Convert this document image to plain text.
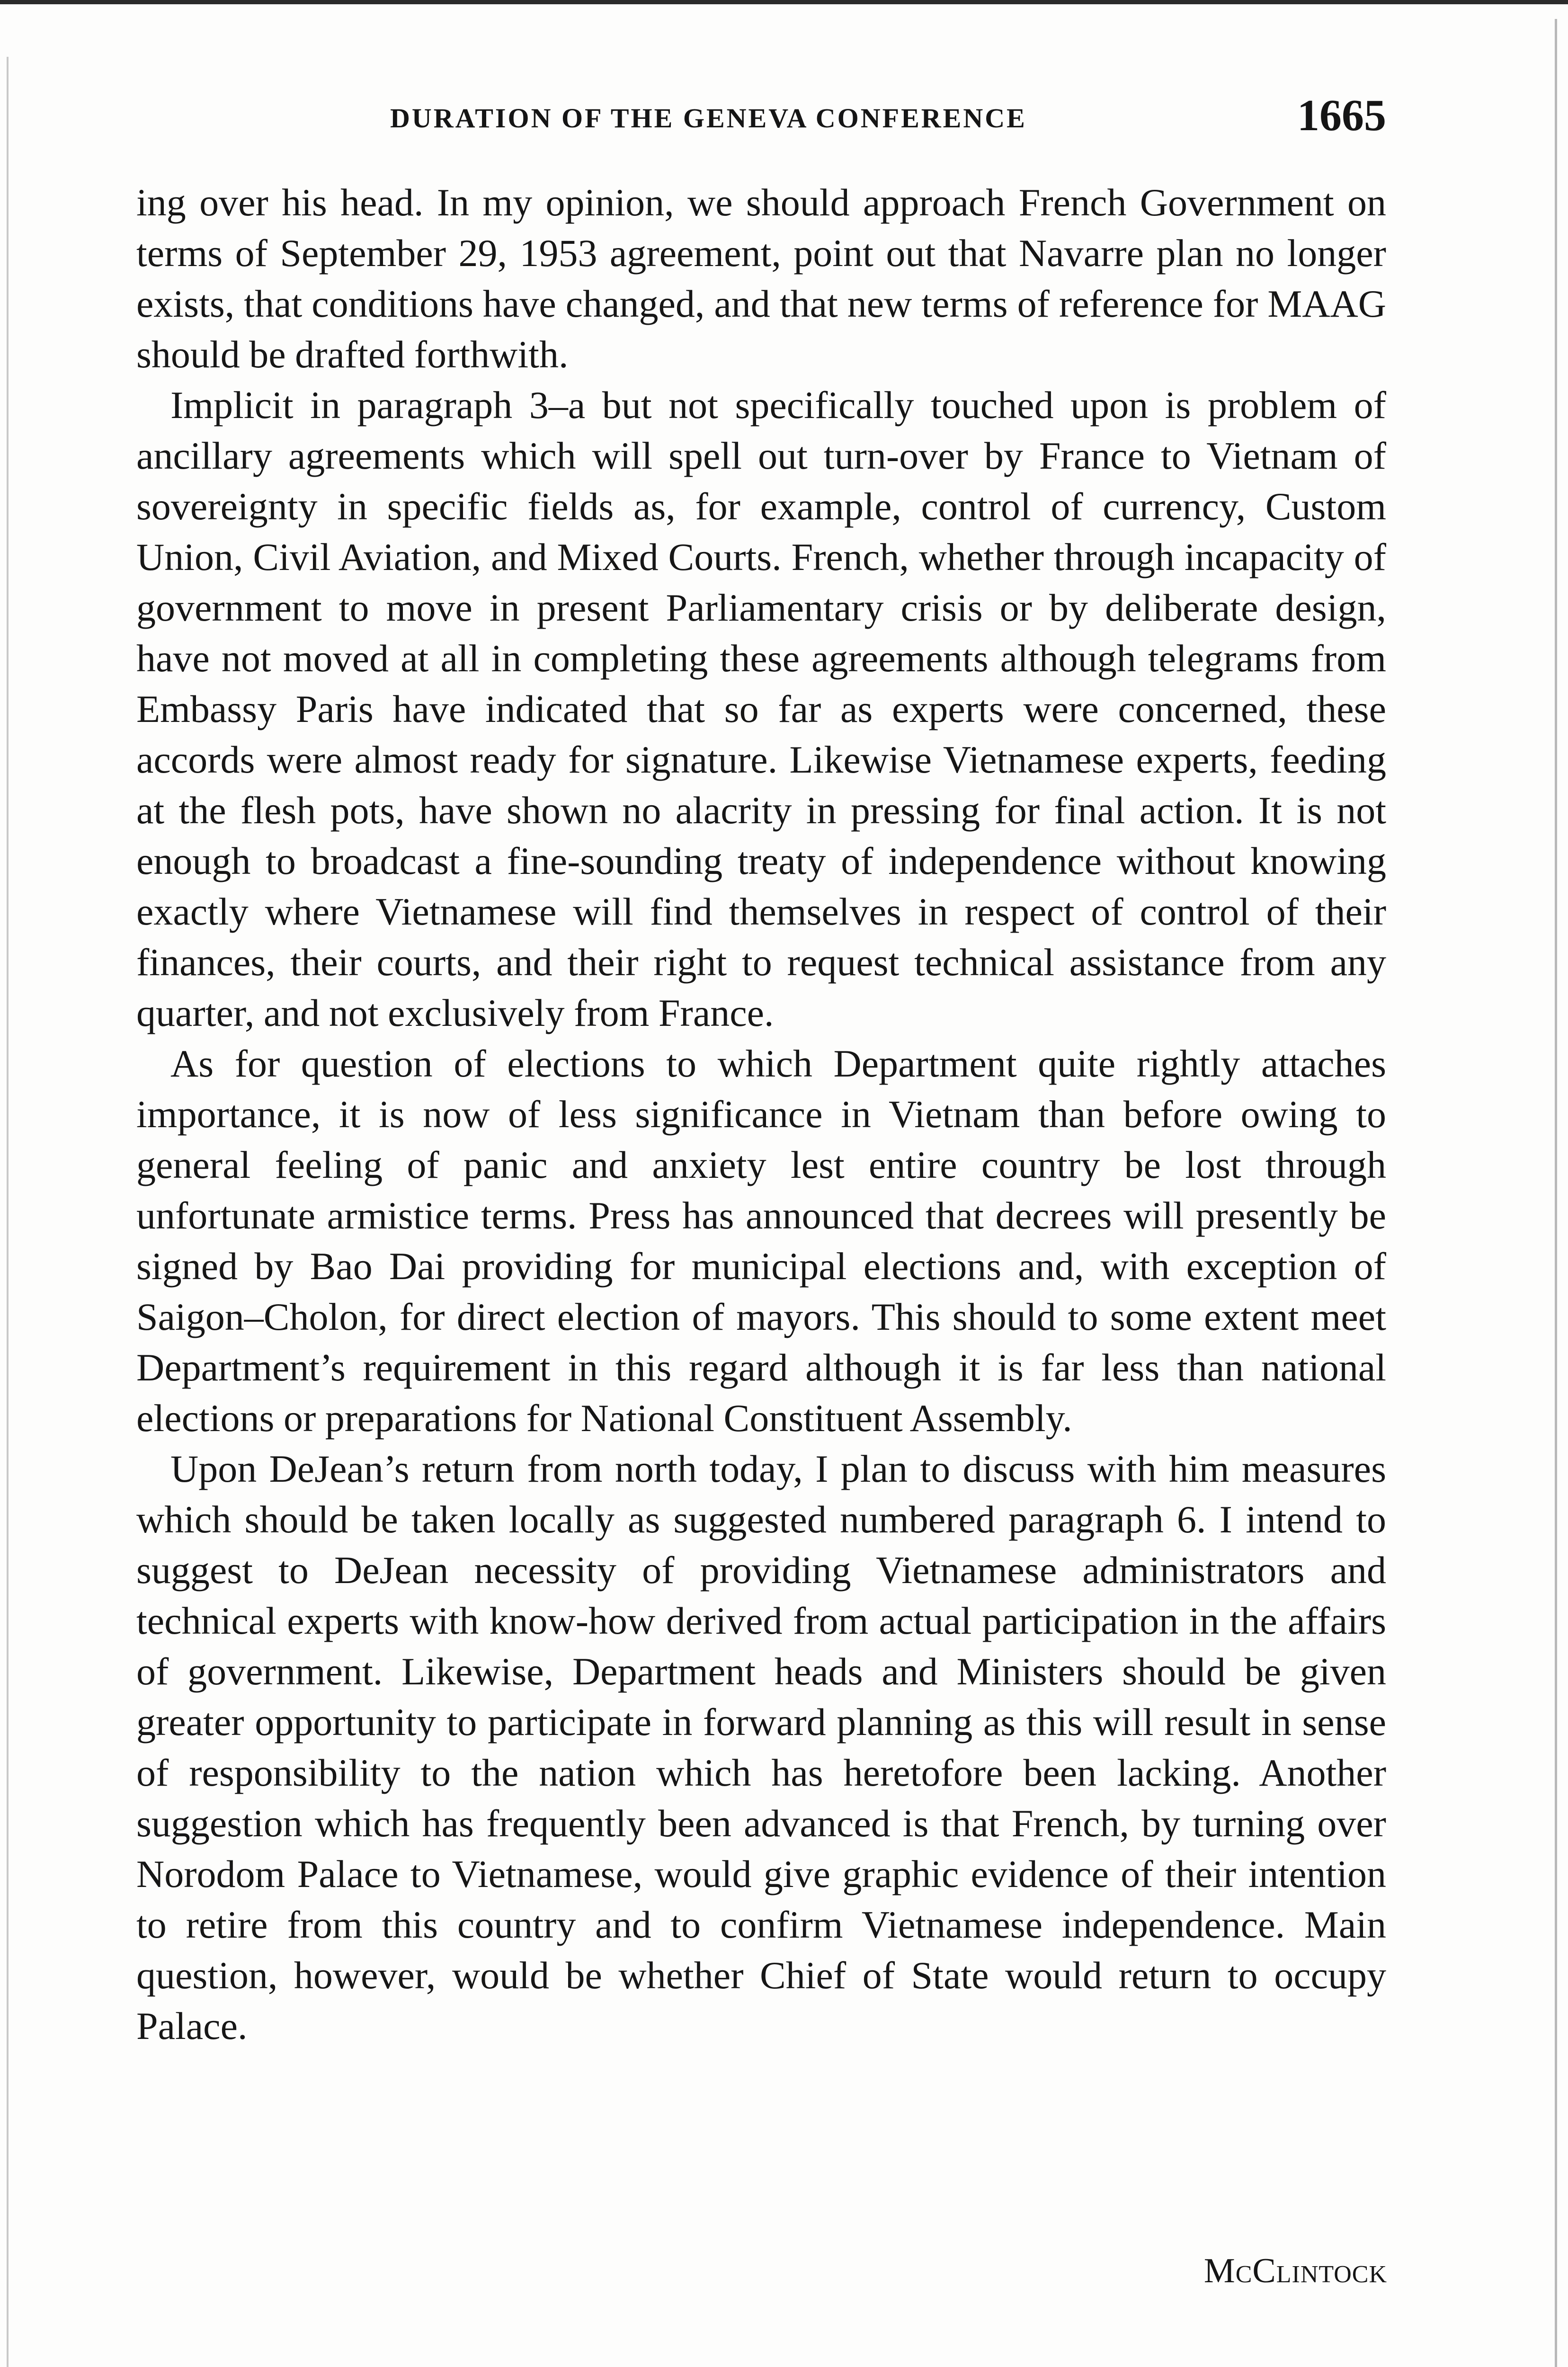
DURATION OF THE GENEVA CONFERENCE	1665

ing over his head. In my opinion, we should approach French Government on terms of September 29, 1953 agreement, point out that Navarre plan no longer exists, that conditions have changed, and that new terms of reference for MAAG should be drafted forthwith.

Implicit in paragraph 3–a but not specifically touched upon is problem of ancillary agreements which will spell out turn-over by France to Vietnam of sovereignty in specific fields as, for example, control of currency, Custom Union, Civil Aviation, and Mixed Courts. French, whether through incapacity of government to move in present Parliamentary crisis or by deliberate design, have not moved at all in completing these agreements although telegrams from Embassy Paris have indicated that so far as experts were concerned, these accords were almost ready for signature. Likewise Vietnamese experts, feeding at the flesh pots, have shown no alacrity in pressing for final action. It is not enough to broadcast a fine-sounding treaty of independence without knowing exactly where Vietnamese will find themselves in respect of control of their finances, their courts, and their right to request technical assistance from any quarter, and not exclusively from France.

As for question of elections to which Department quite rightly attaches importance, it is now of less significance in Vietnam than before owing to general feeling of panic and anxiety lest entire country be lost through unfortunate armistice terms. Press has announced that decrees will presently be signed by Bao Dai providing for municipal elections and, with exception of Saigon–Cholon, for direct election of mayors. This should to some extent meet Department’s requirement in this regard although it is far less than national elections or preparations for National Constituent Assembly.

Upon DeJean’s return from north today, I plan to discuss with him measures which should be taken locally as suggested numbered paragraph 6. I intend to suggest to DeJean necessity of providing Vietnamese administrators and technical experts with know-how derived from actual participation in the affairs of government. Likewise, Department heads and Ministers should be given greater opportunity to participate in forward planning as this will result in sense of responsibility to the nation which has heretofore been lacking. Another suggestion which has frequently been advanced is that French, by turning over Norodom Palace to Vietnamese, would give graphic evidence of their intention to retire from this country and to confirm Vietnamese independence. Main question, however, would be whether Chief of State would return to occupy Palace.

McClintock
